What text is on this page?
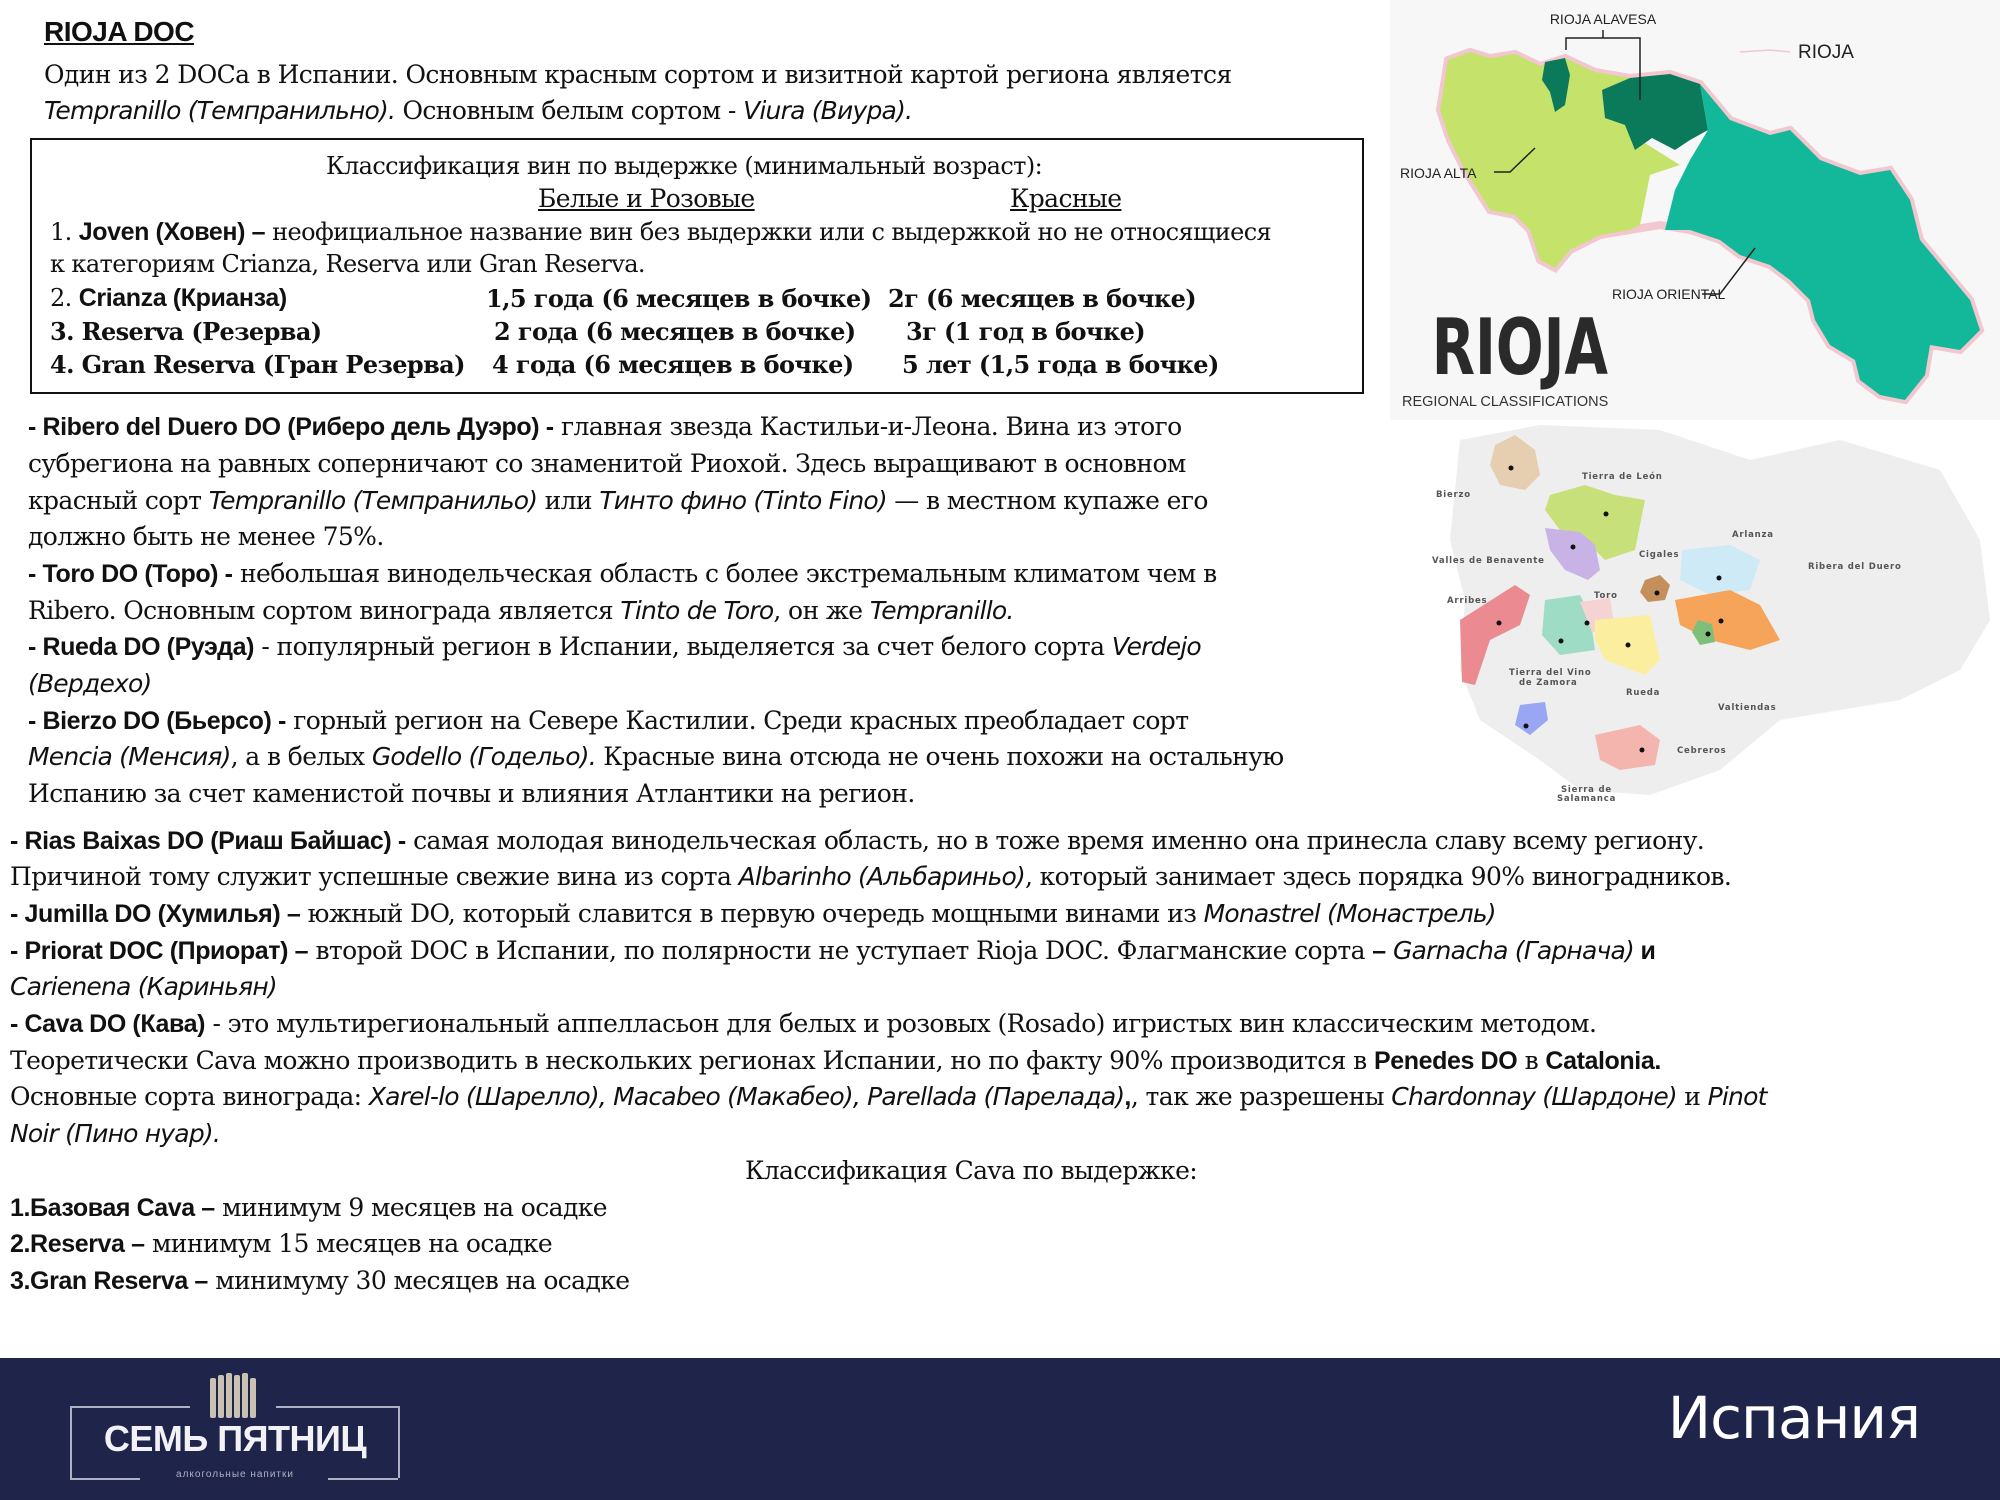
RIOJA DOC
Один из 2 DOCa в Испании. Основным красным сортом и визитной картой региона является
Tempranillo (Темпранильно). Основным белым сортом - Viura (Виура).
Классификация вин по выдержке (минимальный возраст):
Белые и Розовые	Красные
1. Joven (Ховен) – неофициальное название вин без выдержки или с выдержкой но не относящиеся
к категориям Crianza, Reserva или Gran Reserva.
2. Crianza (Крианза)	1,5 года (6 месяцев в бочке) 2г (6 месяцев в бочке)
3. Reserva (Резерва)	2 года (6 месяцев в бочке) 3г (1 год в бочке)
4. Gran Reserva (Гран Резерва) 4 года (6 месяцев в бочке) 5 лет (1,5 года в бочке)
- Ribero del Duero DO (Риберо дель Дуэро) - главная звезда Кастильи-и-Леона. Вина из этого
субрегиона на равных соперничают со знаменитой Риохой. Здесь выращивают в основном
красный сорт Tempranillo (Темпранильо) или Тинто фино (Tinto Fino) — в местном купаже его
должно быть не менее 75%.
- Toro DO (Торо) - небольшая винодельческая область с более экстремальным климатом чем в
Ribero. Основным сортом винограда является Tinto de Toro, он же Tempranillo.
- Rueda DO (Руэда) - популярный регион в Испании, выделяется за счет белого сорта Verdejo
(Вердехо)
- Bierzo DO (Бьерсо) - горный регион на Севере Кастилии. Среди красных преобладает сорт
Mencia (Менсия), а в белых Godello (Годельо). Красные вина отсюда не очень похожи на остальную
Испанию за счет каменистой почвы и влияния Атлантики на регион.
- Rias Baixas DO (Риаш Байшас) - самая молодая винодельческая область, но в тоже время именно она принесла славу всему региону.
Причиной тому служит успешные свежие вина из сорта Albarinho (Альбариньо), который занимает здесь порядка 90% виноградников.
- Jumilla DO (Хумилья) – южный DO, который славится в первую очередь мощными винами из Monastrel (Монастрель)
- Priorat DOC (Приорат) – второй DOC в Испании, по полярности не уступает Rioja DOC. Флагманские сорта – Garnacha (Гарнача) и
Carienena (Кариньян)
- Cava DO (Кава) - это мультирегиональный аппелласьон для белых и розовых (Rosado) игристых вин классическим методом.
Теоретически Cava можно производить в нескольких регионах Испании, но по факту 90% производится в Penedes DO в Catalonia.
Основные сорта винограда: Xarel-lo (Шарелло), Macabeo (Макабео), Parellada (Парелада),, так же разрешены Chardonnay (Шардоне) и Pinot
Noir (Пино нуар).
Классификация Cava по выдержке:
1.Базовая Cava – минимум 9 месяцев на осадке
2.Reserva – минимум 15 месяцев на осадке
3.Gran Reserva – минимуму 30 месяцев на осадке
RIOJA ALAVESA
RIOJA
RIOJA ALTA
RIOJA ORIENTAL
RIOJA
REGIONAL CLASSIFICATIONS
Bierzo
Tierra de León
Valles de Benavente
Arlanza
Cigales
Ribera del Duero
Arribes	Toro
Tierra del Vino
de Zamora
Rueda
Valtiendas
Cebreros
Sierra de
Salamanca
СЕМЬ ПЯТНИЦ
алкогольные напитки
Испания
